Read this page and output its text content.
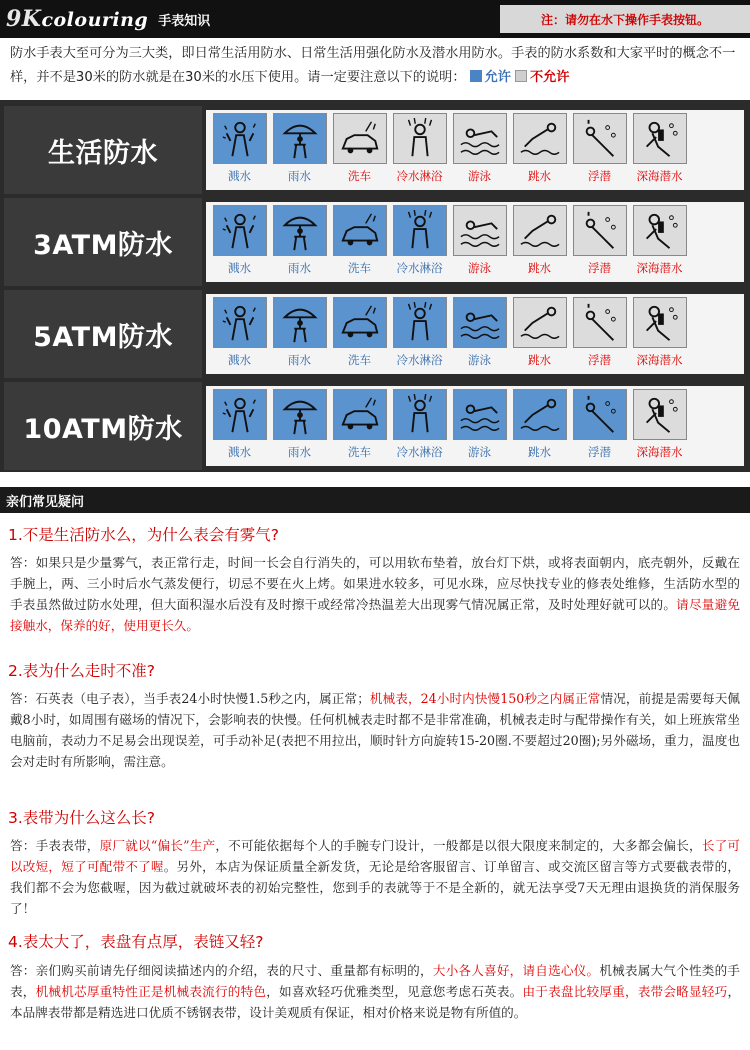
9Kcolouring 手表知识	注：请勿在水下操作手表按钮。
防水手表大至可分为三大类，即日常生活用防水、日常生活用强化防水及潜水用防水。手表的防水系数和大家平时的概念不一样，并不是30米的防水就是在30米的水压下使用。请一定要注意以下的说明： 允许 不允许
生活防水
溅水	雨水	洗车 冷水淋浴 游泳	跳水	浮潜 深海潜水
3ATM防水
溅水	雨水	洗车 冷水淋浴 游泳	跳水	浮潜 深海潜水
5ATM防水
溅水	雨水	洗车 冷水淋浴 游泳	跳水	浮潜 深海潜水
10ATM防水
溅水	雨水	洗车 冷水淋浴 游泳	跳水	浮潜 深海潜水
亲们常见疑问
1.不是生活防水么，为什么表会有雾气?
答：如果只是少量雾气，表正常行走，时间一长会自行消失的，可以用软布垫着，放台灯下烘，或将表面朝内，底壳朝外，反戴在手腕上，两、三小时后水气蒸发便行，切忌不要在火上烤。如果进水较多，可见水珠，应尽快找专业的修表处维修，生活防水型的手表虽然做过防水处理，但大面积湿水后没有及时擦干或经常冷热温差大出现雾气情况属正常，及时处理好就可以的。请尽量避免接触水，保养的好，使用更长久。
2.表为什么走时不准?
答：石英表（电子表），当手表24小时快慢1.5秒之内，属正常；机械表，24小时内快慢150秒之内属正常情况，前提是需要每天佩戴8小时，如周围有磁场的情况下，会影响表的快慢。任何机械表走时都不是非常准确，机械表走时与配带操作有关，如上班族常坐电脑前，表动力不足易会出现误差，可手动补足(表把不用拉出，顺时针方向旋转15-20圈.不要超过20圈);另外磁场，重力，温度也会对走时有所影响，需注意。
3.表带为什么这么长?
答：手表表带，原厂就以“偏长”生产，不可能依据每个人的手腕专门设计，一般都是以很大限度来制定的，大多都会偏长，长了可以改短，短了可配带不了喔。另外，本店为保证质量全新发货，无论是给客服留言、订单留言、或交流区留言等方式要截表带的，我们都不会为您截喔，因为截过就破坏表的初始完整性，您到手的表就等于不是全新的，就无法享受7天无理由退换货的消保服务了！
4.表太大了，表盘有点厚，表链又轻?
答：亲们购买前请先仔细阅读描述内的介绍，表的尺寸、重量都有标明的，大小各人喜好，请自选心仪。机械表属大气个性类的手表，机械机芯厚重特性正是机械表流行的特色，如喜欢轻巧优雅类型，见意您考虑石英表。由于表盘比较厚重，表带会略显轻巧，本品牌表带都是精选进口优质不锈钢表带，设计美观质有保证，相对价格来说是物有所值的。
